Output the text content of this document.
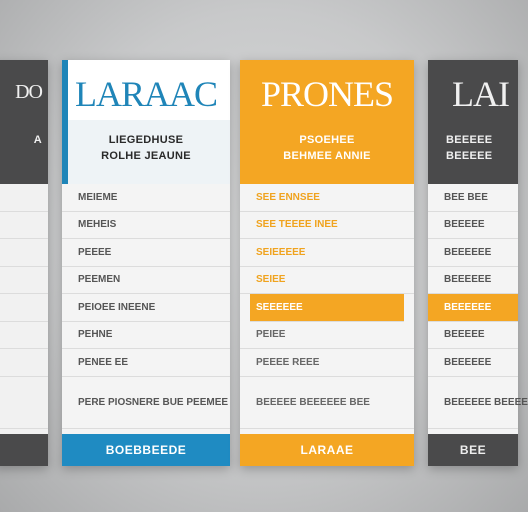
DO
A
LARAAC
LIEGEDHUSE
ROLHE JEAUNE
MEIEME
MEHEIS
PEEEE
PEEMEN
PEIOEE INEENE
PEHNE
PENEE EE
PERE PIOSNERE BUE PEEMEE
BOEBBEEDE
PRONES
PSOEHEE
BEHMEE ANNIE
SEE ENNSEE
SEE TEEEE INEE
SEIEEEEE
SEIEE
SEEEEEE
PEIEE
PEEEE REEE
BEEEEE BEEEEEE BEE
LARAAE
LAI
BEEEEE
BEEEEE
BEE BEE
BEEEEE
BEEEEEE
BEEEEEE
BEEEEEE
BEEEEE
BEEEEEE
BEEEEEE BEEEE
BEE
